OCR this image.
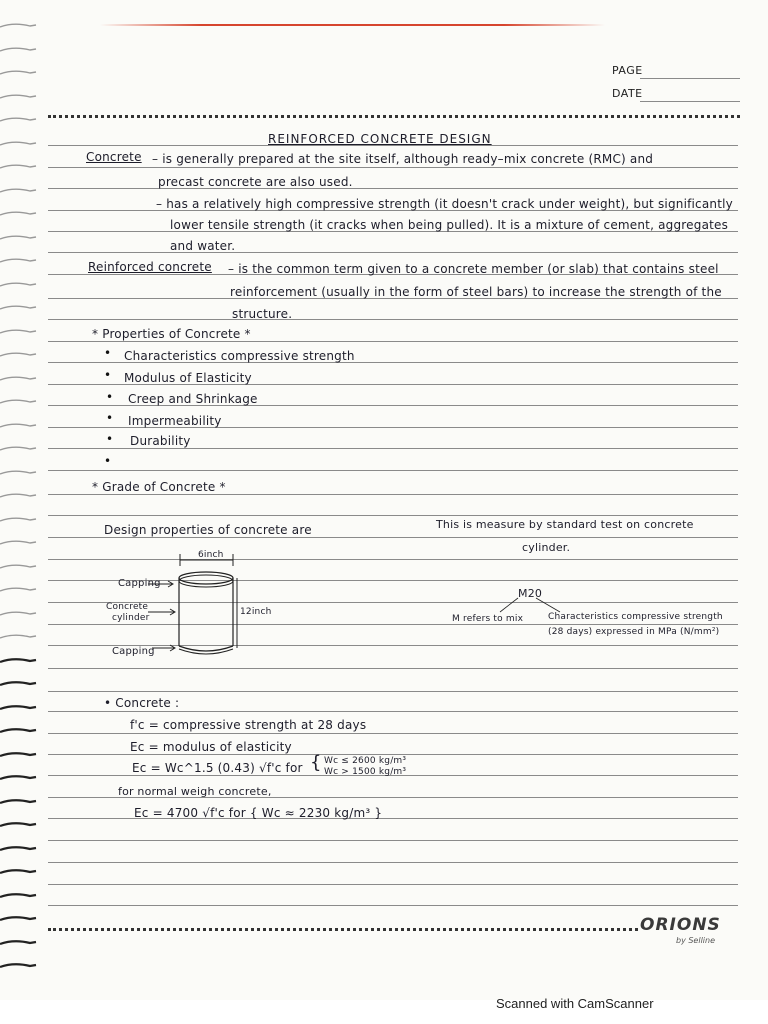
PAGE
DATE
REINFORCED CONCRETE DESIGN
Concrete – is generally prepared at the site itself, although ready–mix concrete (RMC) and
precast concrete are also used.
– has a relatively high compressive strength (it doesn't crack under weight), but significantly
lower tensile strength (it cracks when being pulled). It is a mixture of cement, aggregates
and water.
Reinforced concrete – is the common term given to a concrete member (or slab) that contains steel
reinforcement (usually in the form of steel bars) to increase the strength of the
structure.
* Properties of Concrete *
• Characteristics compressive strength
• Modulus of Elasticity
• Creep and Shrinkage
• Impermeability
• Durability
•
* Grade of Concrete *
Design properties of concrete are	This is measure by standard test on concrete
cylinder.
6inch
Capping
Concrete
cylinder
12inch
Capping
M20
M refers to mix	Characteristics compressive strength
(28 days) expressed in MPa (N/mm²)
• Concrete :
f'c = compressive strength at 28 days
Ec = modulus of elasticity
Ec = Wc^1.5 (0.43) √f'c for { Wc ≤ 2600 kg/m³
Wc > 1500 kg/m³
for normal weigh concrete,
Ec = 4700 √f'c for { Wc ≈ 2230 kg/m³ }
ORIONS
by Selline
Scanned with CamScanner
